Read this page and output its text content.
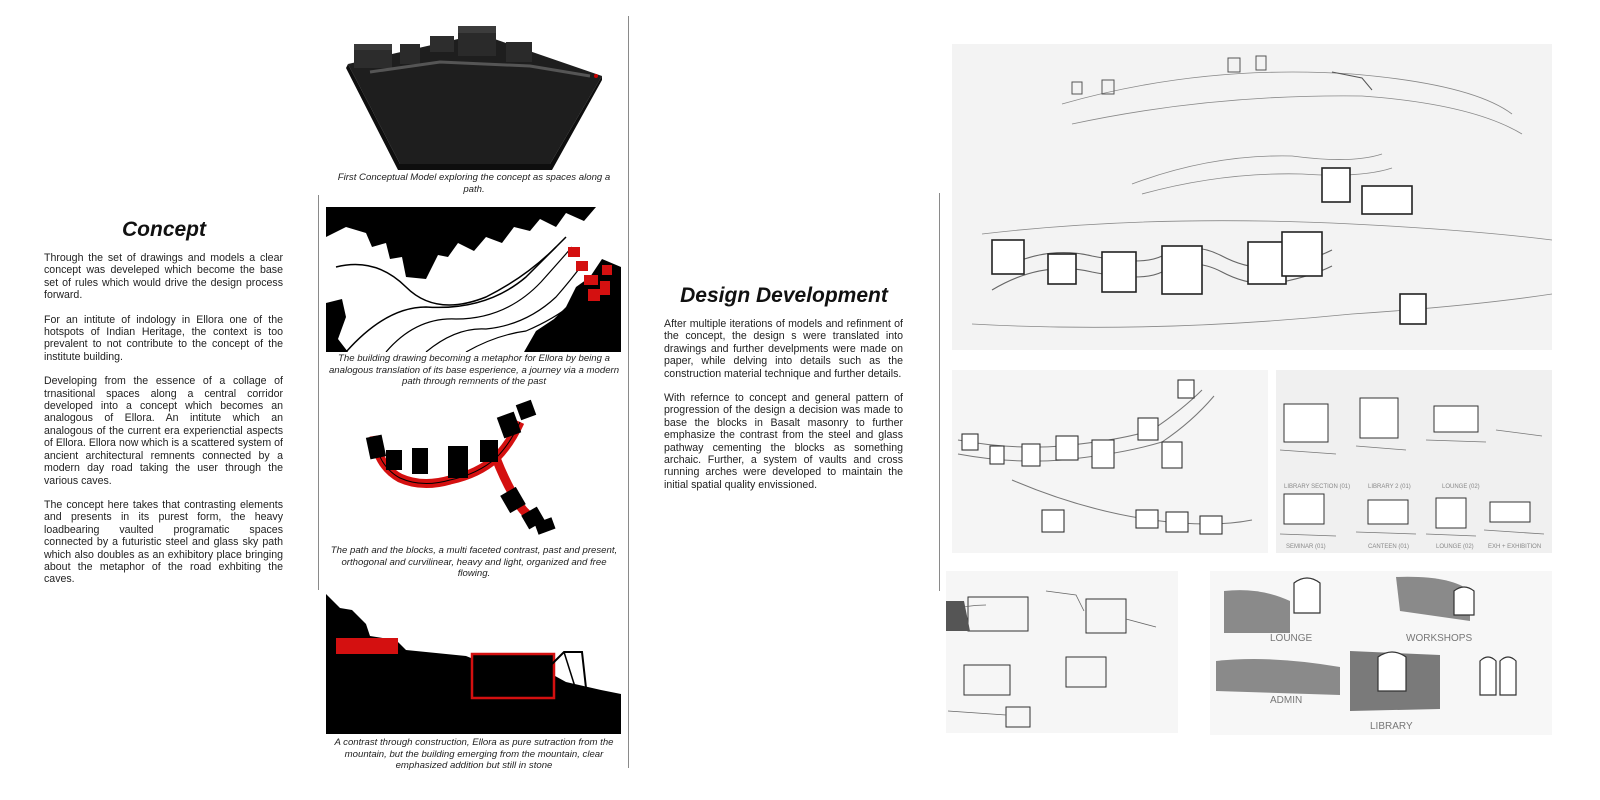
Concept

Through the set of drawings and models a clear concept was develeped which become the base set of rules which would drive the design process forward.

For an intitute of indology in Ellora one of the hotspots of Indian Heritage, the context is too prevalent to not contribute to the concept of the institute building.

Developing from the essence of a collage of trnasitional spaces along a central corridor developed into a concept which becomes an analogous of Ellora. An intitute which an analogous of the current era experienctial aspects of Ellora. Ellora now which is a scattered system of ancient architectural remnents connected by a modern day road taking the user through the various caves.

The concept here takes that contrasting elements and presents in its purest form, the heavy loadbearing vaulted programatic spaces connected by a futuristic steel and glass sky path which also doubles as an exhibitory place bringing about the metaphor of the road exhbiting the caves.

First Conceptual Model exploring the concept as spaces along a path.
The building drawing becoming a metaphor for Ellora by being a analogous translation of its base esperience, a journey via a modern path through remnents of the past
The path and the blocks, a multi faceted contrast, past and present, orthogonal and curvilinear, heavy and light, organized and free flowing.
A contrast through construction, Ellora as pure sutraction from the mountain, but the building emerging from the mountain, clear emphasized addition but still in stone
Design Development

After multiple iterations of models and refinment of the concept, the design s were translated into drawings and further develpments were made on paper, while delving into details such as the construction material technique and further details.

With refernce to concept and general pattern of progression of the design a decision was made to base the blocks in Basalt masonry to further emphasize the contrast from the steel and glass pathway cementing the blocks as something archaic. Further, a system of vaults and cross running arches were developed to maintain the initial spatial quality envissioned.	LIBRARY SECTION (01)	LIBRARY 2 (01)	LOUNGE (02)
SEMINAR (01)	CANTEEN (01)	LOUNGE (02) EXH + EXHIBITION
LOUNGE	WORKSHOPS
ADMIN
LIBRARY
